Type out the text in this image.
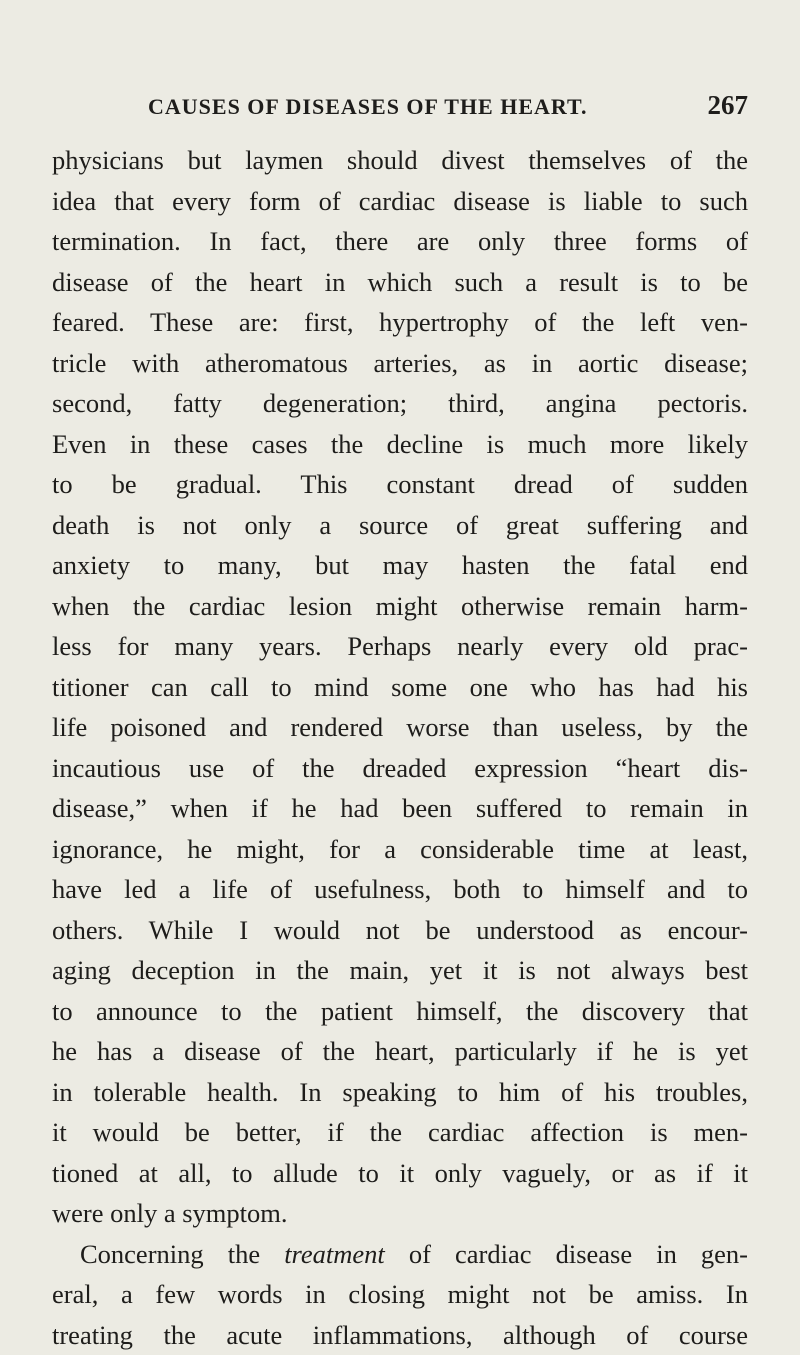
CAUSES OF DISEASES OF THE HEART.	267
physicians but laymen should divest themselves of the
idea that every form of cardiac disease is liable to such
termination. In fact, there are only three forms of
disease of the heart in which such a result is to be
feared. These are: first, hypertrophy of the left ven-
tricle with atheromatous arteries, as in aortic disease;
second, fatty degeneration; third, angina pectoris.
Even in these cases the decline is much more likely
to be gradual. This constant dread of sudden
death is not only a source of great suffering and
anxiety to many, but may hasten the fatal end
when the cardiac lesion might otherwise remain harm-
less for many years. Perhaps nearly every old prac-
titioner can call to mind some one who has had his
life poisoned and rendered worse than useless, by the
incautious use of the dreaded expression “heart dis-
disease,” when if he had been suffered to remain in
ignorance, he might, for a considerable time at least,
have led a life of usefulness, both to himself and to
others. While I would not be understood as encour-
aging deception in the main, yet it is not always best
to announce to the patient himself, the discovery that
he has a disease of the heart, particularly if he is yet
in tolerable health. In speaking to him of his troubles,
it would be better, if the cardiac affection is men-
tioned at all, to allude to it only vaguely, or as if it
were only a symptom.
Concerning the treatment of cardiac disease in gen-
eral, a few words in closing might not be amiss. In
treating the acute inflammations, although of course
